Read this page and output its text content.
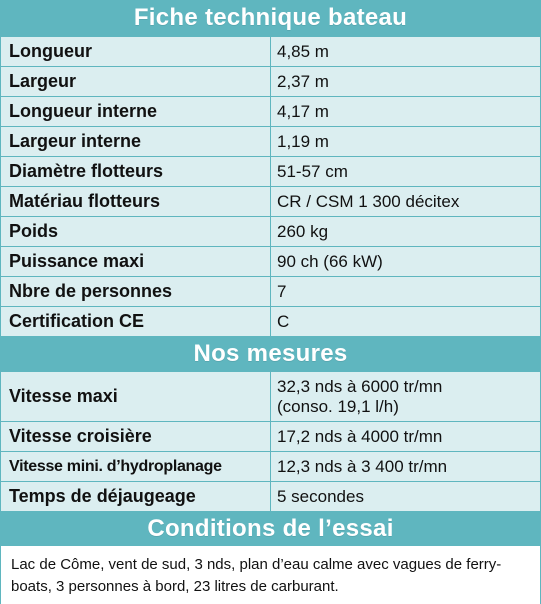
Fiche technique bateau
Longueur	4,85 m
Largeur	2,37 m
Longueur interne	4,17 m
Largeur interne	1,19 m
Diamètre flotteurs	51-57 cm
Matériau flotteurs	CR / CSM 1 300 décitex
Poids	260 kg
Puissance maxi	90 ch (66 kW)
Nbre de personnes	7
Certification CE	C
Nos mesures
Vitesse maxi	32,3 nds à 6000 tr/mn
(conso. 19,1 l/h)

Vitesse croisière	17,2 nds à 4000 tr/mn
Vitesse mini. d’hydroplanage	12,3 nds à 3 400 tr/mn
Temps de déjaugeage	5 secondes
Conditions de l’essai
Lac de Côme, vent de sud, 3 nds, plan d’eau calme avec vagues de ferry-boats, 3 personnes à bord, 23 litres de carburant.
